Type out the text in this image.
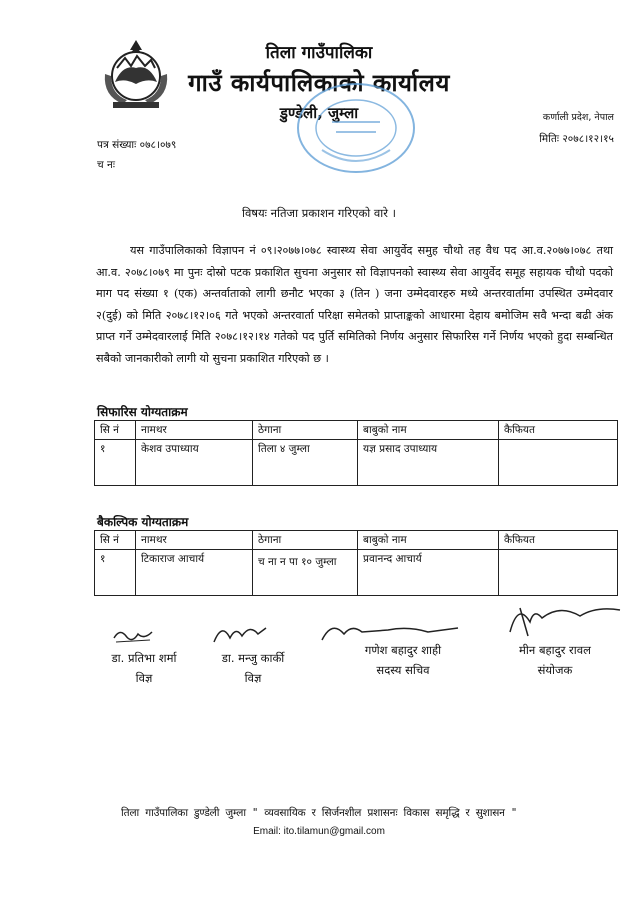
तिला गाउँपालिका
गाउँ कार्यपालिकाको कार्यालय
डुण्डेली, जुम्ला	कर्णाली प्रदेश, नेपाल
मितिः २०७८।१२।१५
पत्र संख्याः ०७८।०७९
च नः
विषयः नतिजा प्रकाशन गरिएको वारे ।
यस गाउँपालिकाको विज्ञापन नं ०९।२०७७।०७८ स्वास्थ्य सेवा आयुर्वेद समुह चौथो तह वैध पद आ.व.२०७७।०७८ तथा आ.व. २०७८।०७९ मा पुनः दोस्रो पटक प्रकाशित सुचना अनुसार सो विज्ञापनको स्वास्थ्य सेवा आयुर्वेद समूह सहायक चौथो पदको माग पद संख्या १ (एक) अन्तर्वाताको लागी छनौट भएका ३ (तिन ) जना उम्मेदवारहरु मध्ये अन्तरवार्तामा उपस्थित उम्मेदवार २(दुई) को मिति २०७८।१२।०६ गते भएको अन्तरवार्ता परिक्षा समेतको प्राप्ताङ्कको आधारमा देहाय बमोजिम सवै भन्दा बढी अंक प्राप्त गर्ने उम्मेदवारलाई मिति २०७८।१२।१४ गतेको पद पुर्ति समितिको निर्णय अनुसार सिफारिस गर्ने निर्णय भएको हुदा सम्बन्धित सबैको जानकारीको लागी यो सुचना प्रकाशित गरिएको छ ।
सिफारिस योग्यताक्रम
सि नं	नामथर	ठेगाना	बाबुको नाम	कैफियत
१	केशव उपाध्याय	तिला ४ जुम्ला	यज्ञ प्रसाद उपाध्याय	
बैकल्पिक योग्यताक्रम
सि नं	नामथर	ठेगाना	बाबुको नाम	कैफियत
१	टिकाराज आचार्य	च ना न पा १० जुम्ला	प्रवानन्द आचार्य	
डा. प्रतिभा शर्मा
विज्ञ
डा. मन्जु कार्की
विज्ञ
गणेश बहादुर शाही
सदस्य सचिव
मीन बहादुर रावल
संयोजक
तिला गाउँपालिका डुण्डेली जुम्ला " व्यवसायिक र सिर्जनशील प्रशासनः विकास समृद्धि र सुशासन "
Email: ito.tilamun@gmail.com
